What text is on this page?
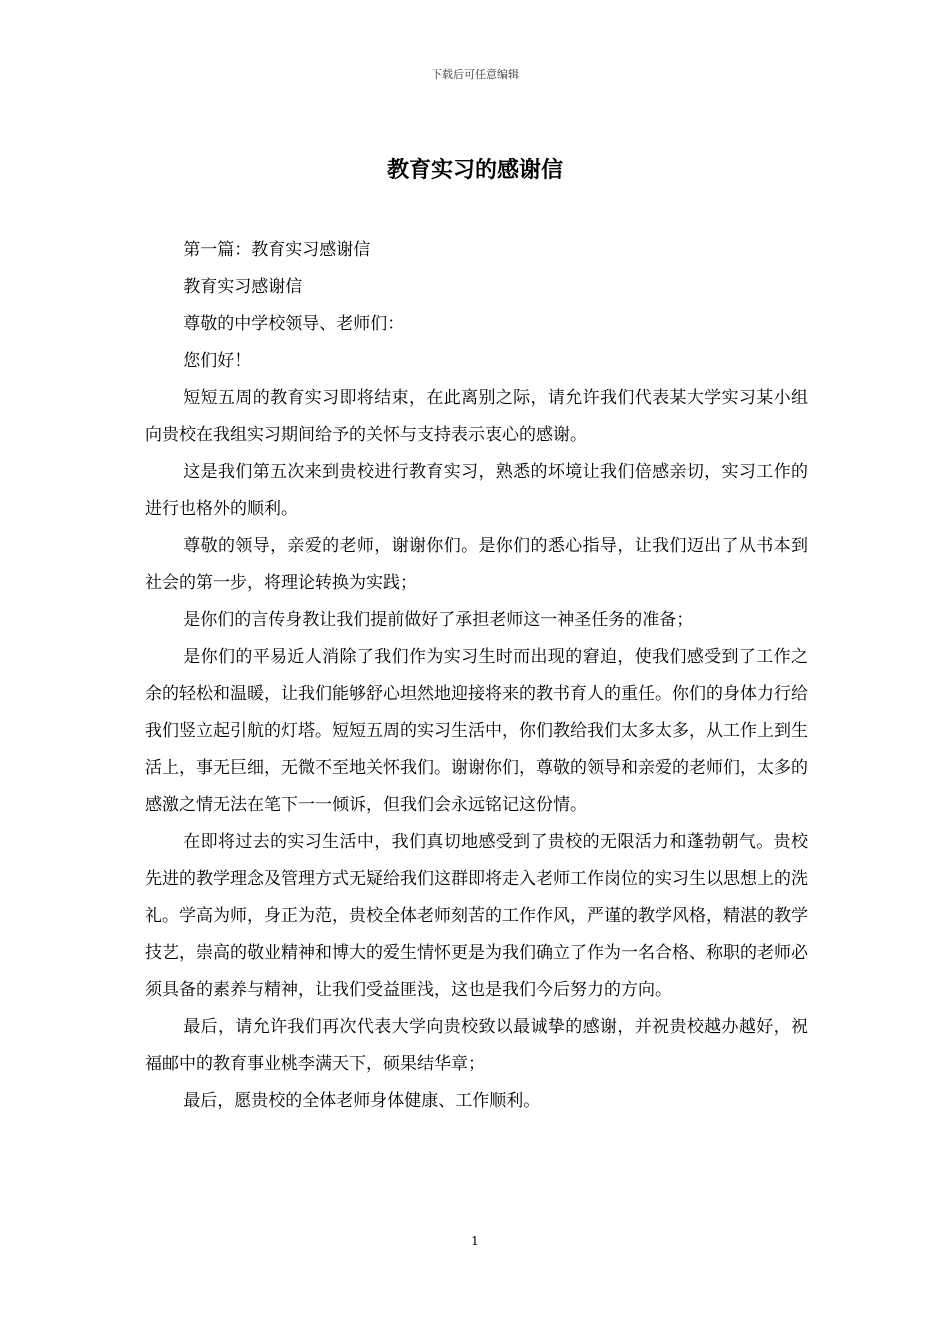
下载后可任意编辑
教育实习的感谢信

第一篇：教育实习感谢信

教育实习感谢信

尊敬的中学校领导、老师们：

您们好！

短短五周的教育实习即将结束，在此离别之际，请允许我们代表某大学实习某小组向贵校在我组实习期间给予的关怀与支持表示衷心的感谢。

这是我们第五次来到贵校进行教育实习，熟悉的坏境让我们倍感亲切，实习工作的进行也格外的顺利。

尊敬的领导，亲爱的老师，谢谢你们。是你们的悉心指导，让我们迈出了从书本到社会的第一步，将理论转换为实践；

是你们的言传身教让我们提前做好了承担老师这一神圣任务的准备；

是你们的平易近人消除了我们作为实习生时而出现的窘迫，使我们感受到了工作之余的轻松和温暖，让我们能够舒心坦然地迎接将来的教书育人的重任。你们的身体力行给我们竖立起引航的灯塔。短短五周的实习生活中，你们教给我们太多太多，从工作上到生活上，事无巨细，无微不至地关怀我们。谢谢你们，尊敬的领导和亲爱的老师们，太多的感激之情无法在笔下一一倾诉，但我们会永远铭记这份情。

在即将过去的实习生活中，我们真切地感受到了贵校的无限活力和蓬勃朝气。贵校先进的教学理念及管理方式无疑给我们这群即将走入老师工作岗位的实习生以思想上的洗礼。学高为师，身正为范，贵校全体老师刻苦的工作作风，严谨的教学风格，精湛的教学技艺，崇高的敬业精神和博大的爱生情怀更是为我们确立了作为一名合格、称职的老师必须具备的素养与精神，让我们受益匪浅，这也是我们今后努力的方向。

最后，请允许我们再次代表大学向贵校致以最诚挚的感谢，并祝贵校越办越好，祝福邮中的教育事业桃李满天下，硕果结华章；

最后，愿贵校的全体老师身体健康、工作顺利。

1
